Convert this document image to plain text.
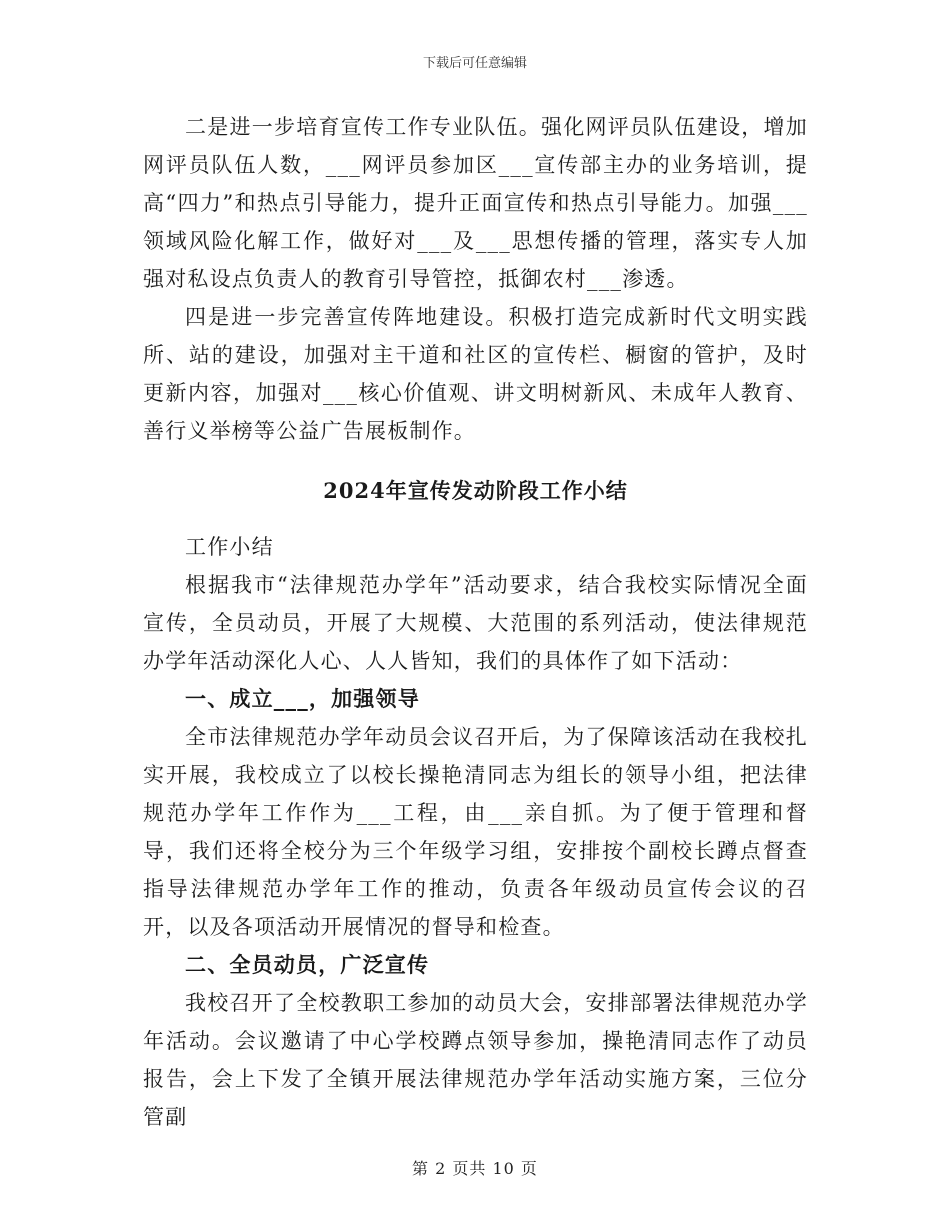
下载后可任意编辑

二是进一步培育宣传工作专业队伍。强化网评员队伍建设，增加网评员队伍人数，___网评员参加区___宣传部主办的业务培训，提高“四力”和热点引导能力，提升正面宣传和热点引导能力。加强___领域风险化解工作，做好对___及___思想传播的管理，落实专人加强对私设点负责人的教育引导管控，抵御农村___渗透。

四是进一步完善宣传阵地建设。积极打造完成新时代文明实践所、站的建设，加强对主干道和社区的宣传栏、橱窗的管护，及时更新内容，加强对___核心价值观、讲文明树新风、未成年人教育、善行义举榜等公益广告展板制作。

2024年宣传发动阶段工作小结

工作小结

根据我市“法律规范办学年”活动要求，结合我校实际情况全面宣传，全员动员，开展了大规模、大范围的系列活动，使法律规范办学年活动深化人心、人人皆知，我们的具体作了如下活动：

一、成立___，加强领导

全市法律规范办学年动员会议召开后，为了保障该活动在我校扎实开展，我校成立了以校长操艳清同志为组长的领导小组，把法律规范办学年工作作为___工程，由___亲自抓。为了便于管理和督导，我们还将全校分为三个年级学习组，安排按个副校长蹲点督查指导法律规范办学年工作的推动，负责各年级动员宣传会议的召开，以及各项活动开展情况的督导和检查。

二、全员动员，广泛宣传

我校召开了全校教职工参加的动员大会，安排部署法律规范办学年活动。会议邀请了中心学校蹲点领导参加，操艳清同志作了动员报告，会上下发了全镇开展法律规范办学年活动实施方案，三位分管副

第 2 页共 10 页
